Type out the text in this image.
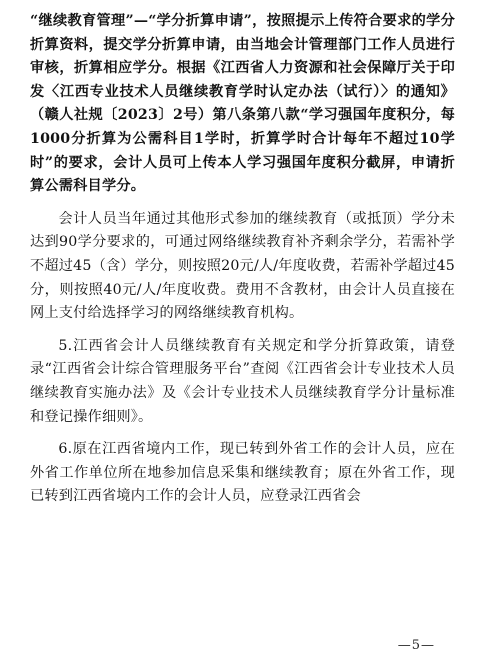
“继续教育管理”—“学分折算申请”，按照提示上传符合要求的学分折算资料，提交学分折算申请，由当地会计管理部门工作人员进行审核，折算相应学分。根据《江西省人力资源和社会保障厅关于印发〈江西专业技术人员继续教育学时认定办法（试行）〉的通知》（赣人社规〔2023〕2号）第八条第八款“学习强国年度积分，每1000分折算为公需科目1学时，折算学时合计每年不超过10学时”的要求，会计人员可上传本人学习强国年度积分截屏，申请折算公需科目学分。

会计人员当年通过其他形式参加的继续教育（或抵顶）学分未达到90学分要求的，可通过网络继续教育补齐剩余学分，若需补学不超过45（含）学分，则按照20元/人/年度收费，若需补学超过45分，则按照40元/人/年度收费。费用不含教材，由会计人员直接在网上支付给选择学习的网络继续教育机构。

5.江西省会计人员继续教育有关规定和学分折算政策，请登录“江西省会计综合管理服务平台”查阅《江西省会计专业技术人员继续教育实施办法》及《会计专业技术人员继续教育学分计量标准和登记操作细则》。

6.原在江西省境内工作，现已转到外省工作的会计人员，应在外省工作单位所在地参加信息采集和继续教育；原在外省工作，现已转到江西省境内工作的会计人员，应登录江西省会

—5—
